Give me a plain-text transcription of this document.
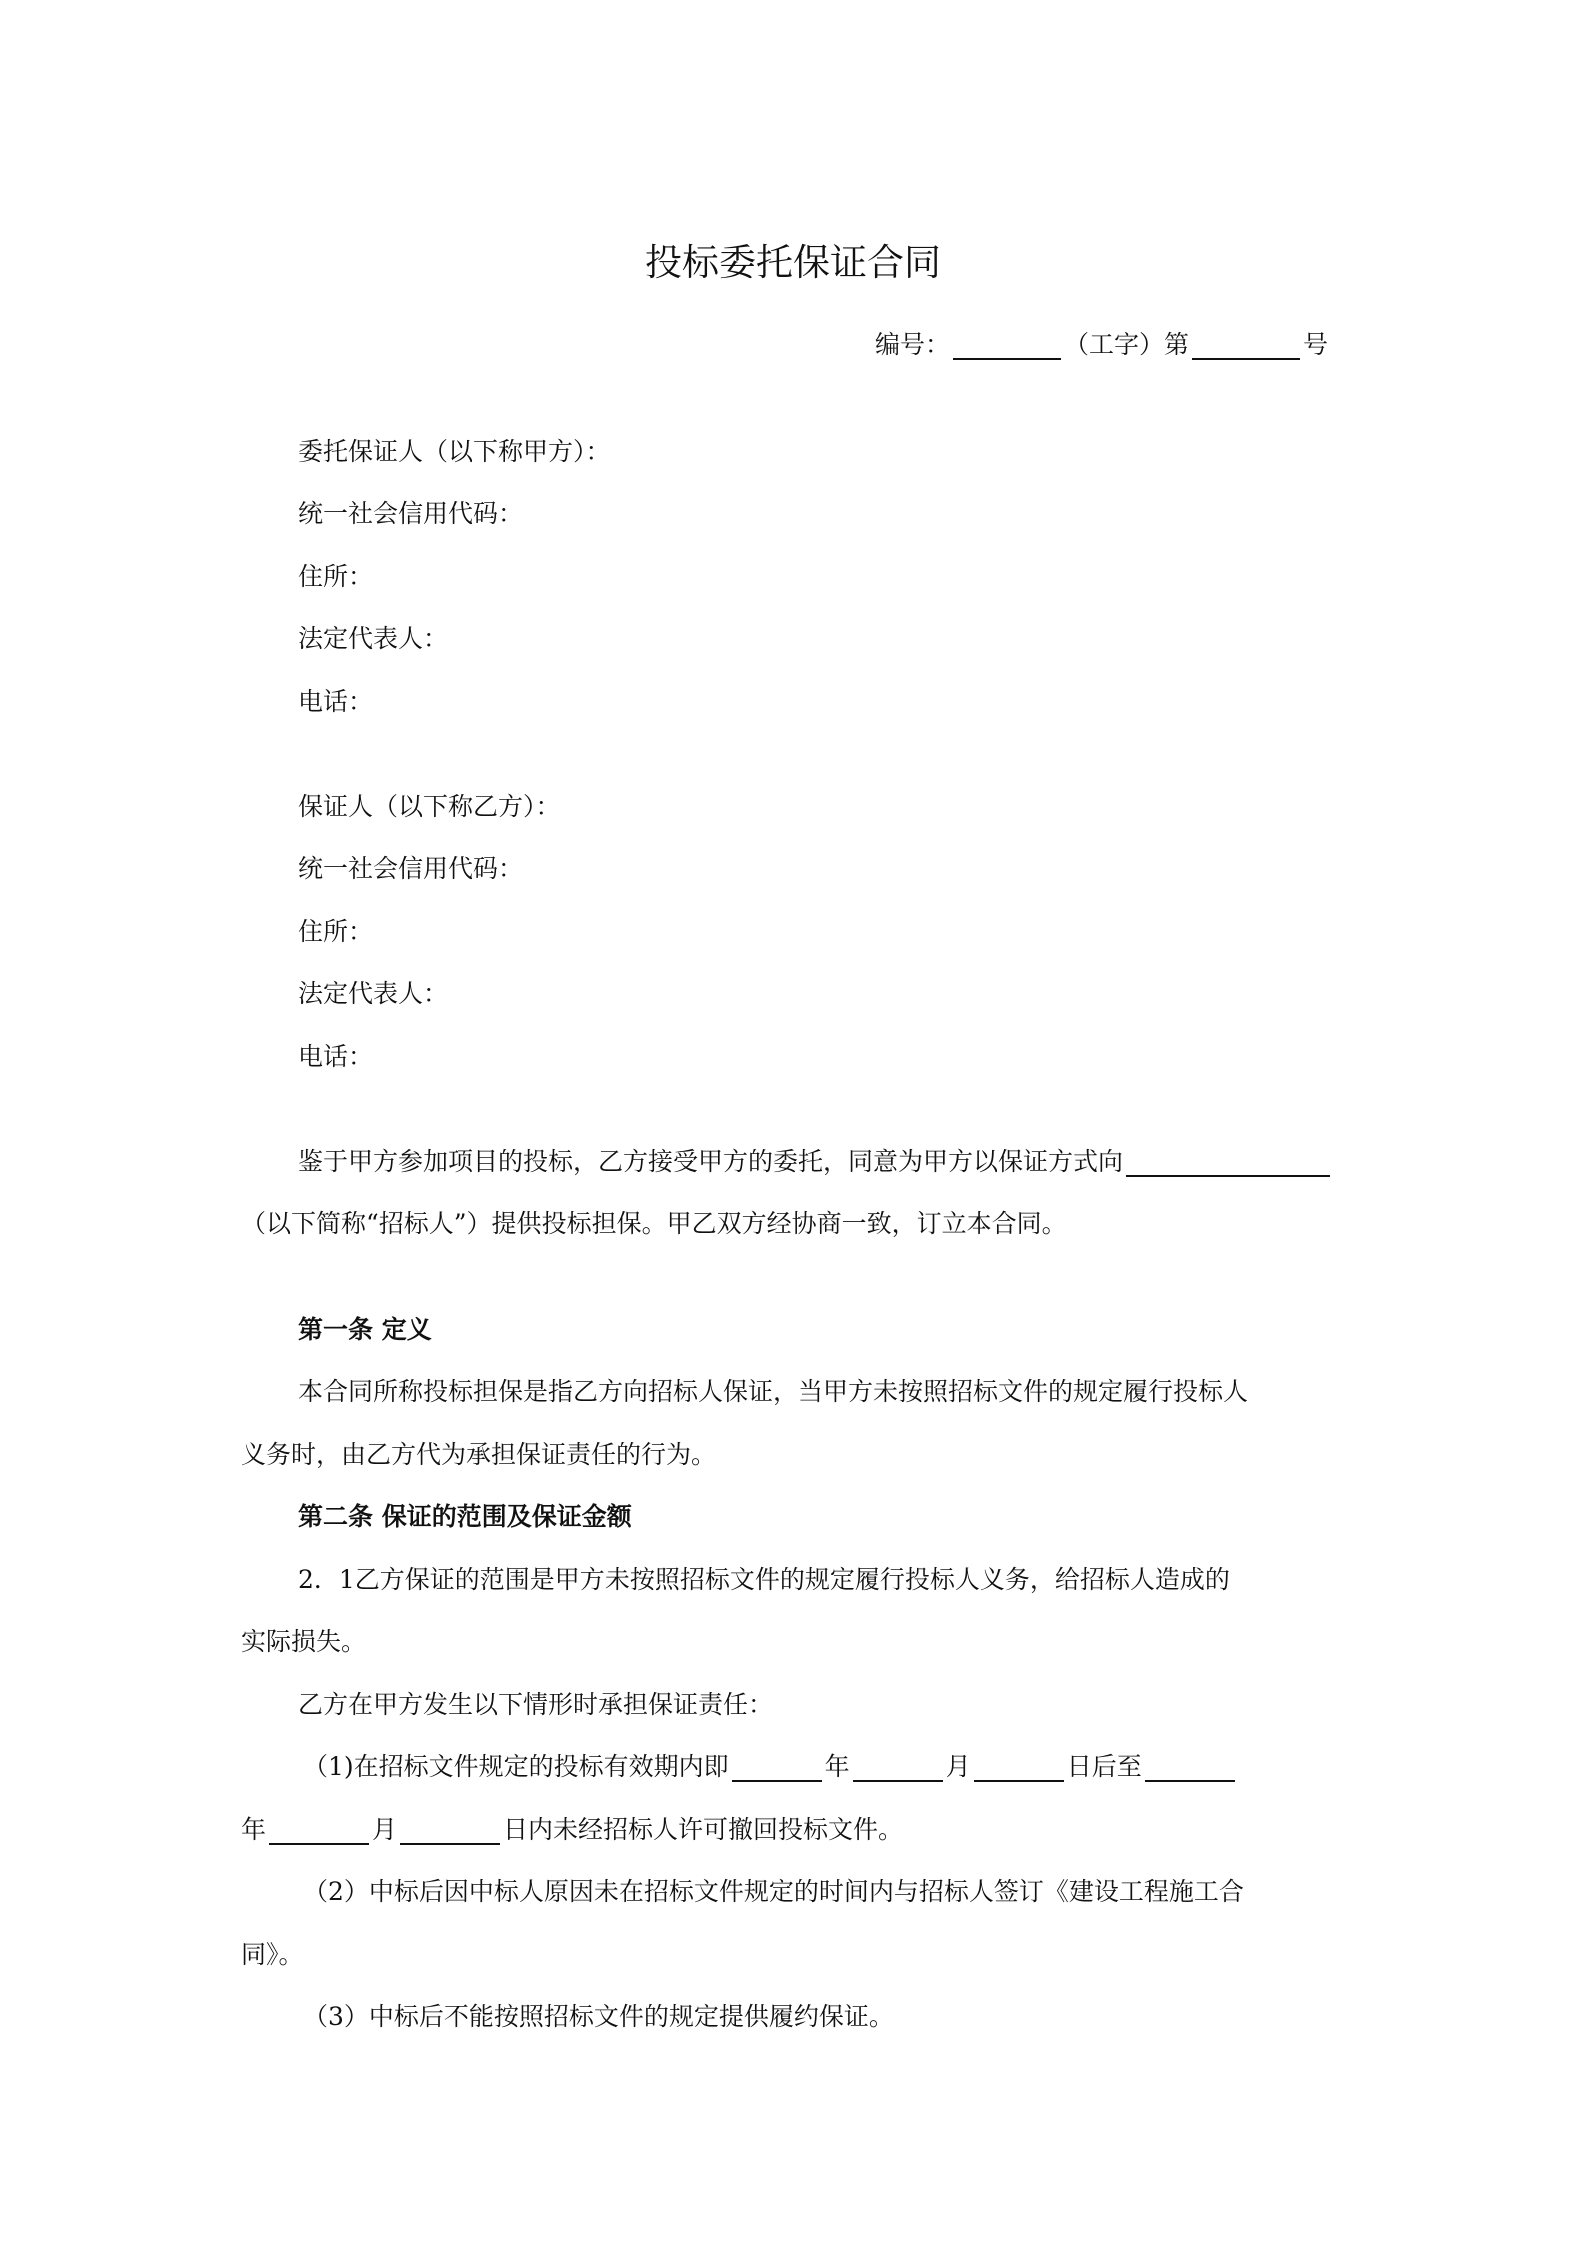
投标委托保证合同
编号：	（工字）第	号
委托保证人（以下称甲方）：
统一社会信用代码：
住所：
法定代表人：
电话：
保证人（以下称乙方）：
统一社会信用代码：
住所：
法定代表人：
电话：
鉴于甲方参加项目的投标，乙方接受甲方的委托，同意为甲方以保证方式向
（以下简称“招标人”）提供投标担保。甲乙双方经协商一致，订立本合同。
第一条 定义
本合同所称投标担保是指乙方向招标人保证，当甲方未按照招标文件的规定履行投标人
义务时，由乙方代为承担保证责任的行为。
第二条 保证的范围及保证金额
2．1乙方保证的范围是甲方未按照招标文件的规定履行投标人义务，给招标人造成的
实际损失。
乙方在甲方发生以下情形时承担保证责任：
（1)在招标文件规定的投标有效期内即	年	月	日后至
年	月	日内未经招标人许可撤回投标文件。
（2）中标后因中标人原因未在招标文件规定的时间内与招标人签订《建设工程施工合
同》。
（3）中标后不能按照招标文件的规定提供履约保证。
